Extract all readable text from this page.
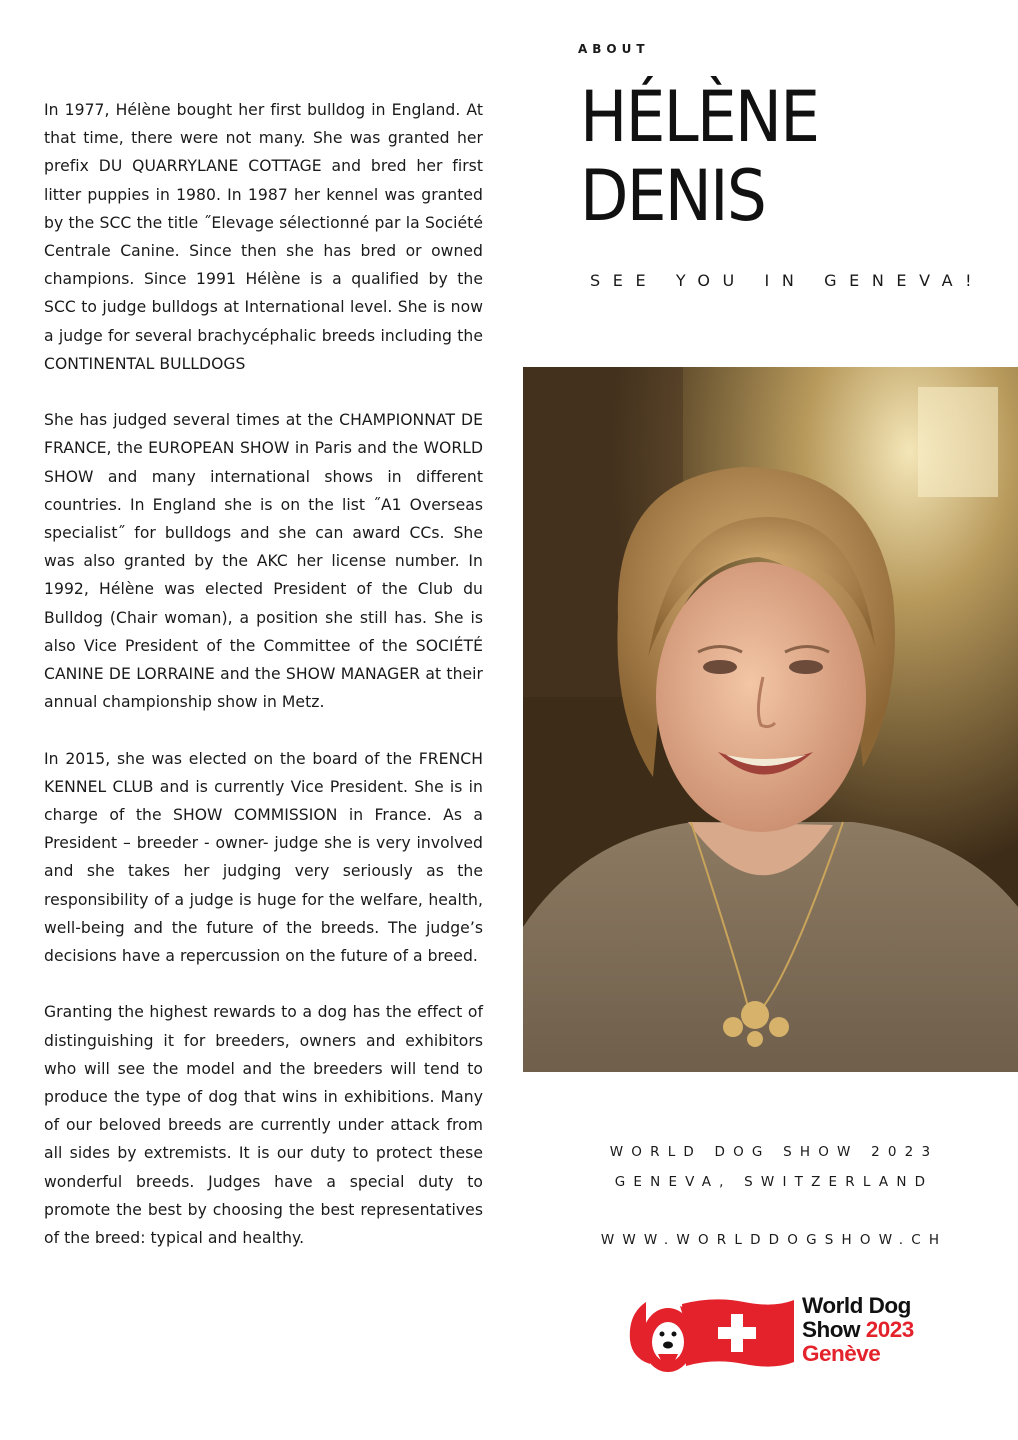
ABOUT
HÉLÈNE
DENIS
SEE YOU IN GENEVA!

In 1977, Hélène bought her first bulldog in England. At that time, there were not many. She was granted her prefix DU QUARRYLANE COTTAGE and bred her first litter puppies in 1980. In 1987 her kennel was granted by the SCC the title ˝Elevage sélectionné par la Société Centrale Canine. Since then she has bred or owned champions. Since 1991 Hélène is a qualified by the SCC to judge bulldogs at International level. She is now a judge for several brachycéphalic breeds including the CONTINENTAL BULLDOGS

She has judged several times at the CHAMPIONNAT DE FRANCE, the EUROPEAN SHOW in Paris and the WORLD SHOW and many international shows in different countries. In England she is on the list ˝A1 Overseas specialist˝ for bulldogs and she can award CCs. She was also granted by the AKC her license number. In 1992, Hélène was elected President of the Club du Bulldog (Chair woman), a position she still has. She is also Vice President of the Committee of the SOCIÉTÉ CANINE DE LORRAINE and the SHOW MANAGER at their annual championship show in Metz.

In 2015, she was elected on the board of the FRENCH KENNEL CLUB and is currently Vice President. She is in charge of the SHOW COMMISSION in France. As a President – breeder - owner- judge she is very involved and she takes her judging very seriously as the responsibility of a judge is huge for the welfare, health, well-being and the future of the breeds. The judge’s decisions have a repercussion on the future of a breed.

Granting the highest rewards to a dog has the effect of distinguishing it for breeders, owners and exhibitors who will see the model and the breeders will tend to produce the type of dog that wins in exhibitions. Many of our beloved breeds are currently under attack from all sides by extremists. It is our duty to protect these wonderful breeds. Judges have a special duty to promote the best by choosing the best representatives of the breed: typical and healthy.

WORLD DOG SHOW 2023
GENEVA, SWITZERLAND
WWW.WORLDDOGSHOW.CH
World Dog
Show 2023
Genève
